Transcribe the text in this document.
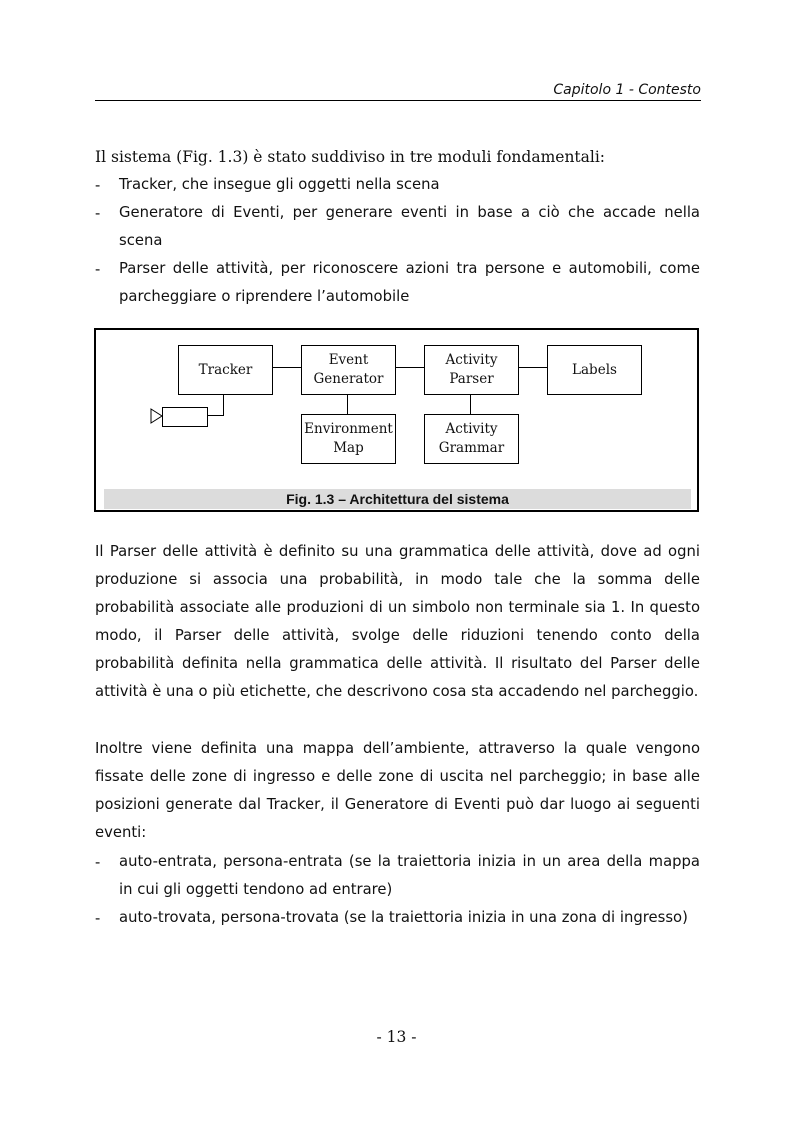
Capitolo 1 - Contesto

Il sistema (Fig. 1.3) è stato suddiviso in tre moduli fondamentali:

- Tracker, che insegue gli oggetti nella scena

- Generatore di Eventi, per generare eventi in base a ciò che accade nella scena

- Parser delle attività, per riconoscere azioni tra persone e automobili, come parcheggiare o riprendere l’automobile

Tracker
Event
Generator
Activity
Parser
Labels
Environment
Map
Activity
Grammar
Fig. 1.3 – Architettura del sistema

Il Parser delle attività è definito su una grammatica delle attività, dove ad ogni produzione si associa una probabilità, in modo tale che la somma delle probabilità associate alle produzioni di un simbolo non terminale sia 1. In questo modo, il Parser delle attività, svolge delle riduzioni tenendo conto della probabilità definita nella grammatica delle attività. Il risultato del Parser delle attività è una o più etichette, che descrivono cosa sta accadendo nel parcheggio.

Inoltre viene definita una mappa dell’ambiente, attraverso la quale vengono fissate delle zone di ingresso e delle zone di uscita nel parcheggio; in base alle posizioni generate dal Tracker, il Generatore di Eventi può dar luogo ai seguenti eventi:

- auto-entrata, persona-entrata (se la traiettoria inizia in un area della mappa in cui gli oggetti tendono ad entrare)

- auto-trovata, persona-trovata (se la traiettoria inizia in una zona di ingresso)

- 13 -
